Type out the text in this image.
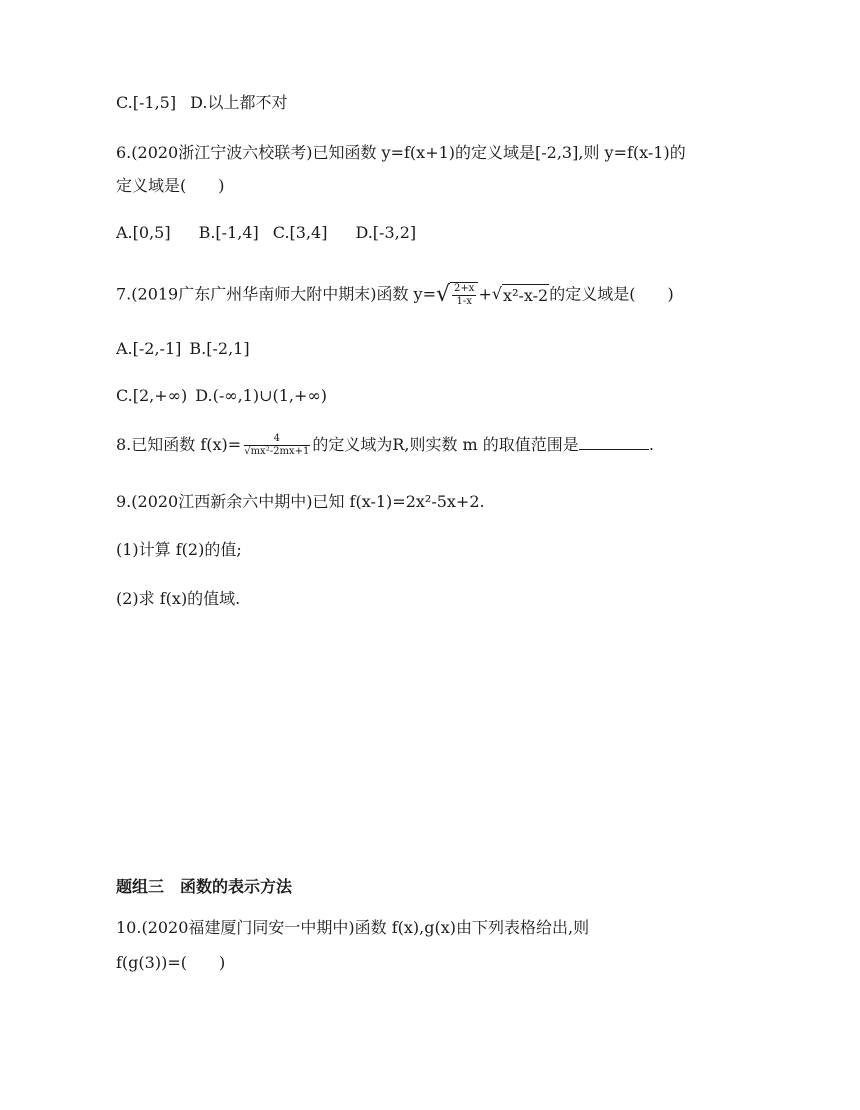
C.[-1,5] D.以上都不对
6.(2020浙江宁波六校联考)已知函数 y=f(x+1)的定义域是[-2,3],则 y=f(x-1)的
定义域是(　　)
A.[0,5] B.[-1,4] C.[3,4] D.[-3,2]
7.(2019广东广州华南师大附中期末)函数 y= √ $\frac{2+x}{1-x}$ + √ x²-x-2 的定义域是(　　)
A.[-2,-1] B.[-2,1]
C.[2,+∞) D.(-∞,1)∪(1,+∞)
8.已知函数 $f(x)= \frac{4}{\text{√mx²-2mx+1}}$ 的定义域为R,则实数 m 的取值范围是	.
9.(2020江西新余六中期中)已知 f(x-1)=2x²-5x+2.
(1)计算 f(2)的值;
(2)求 f(x)的值域.
题组三　函数的表示方法
10.(2020福建厦门同安一中期中)函数 f(x),g(x)由下列表格给出,则
f(g(3))=(　　)
